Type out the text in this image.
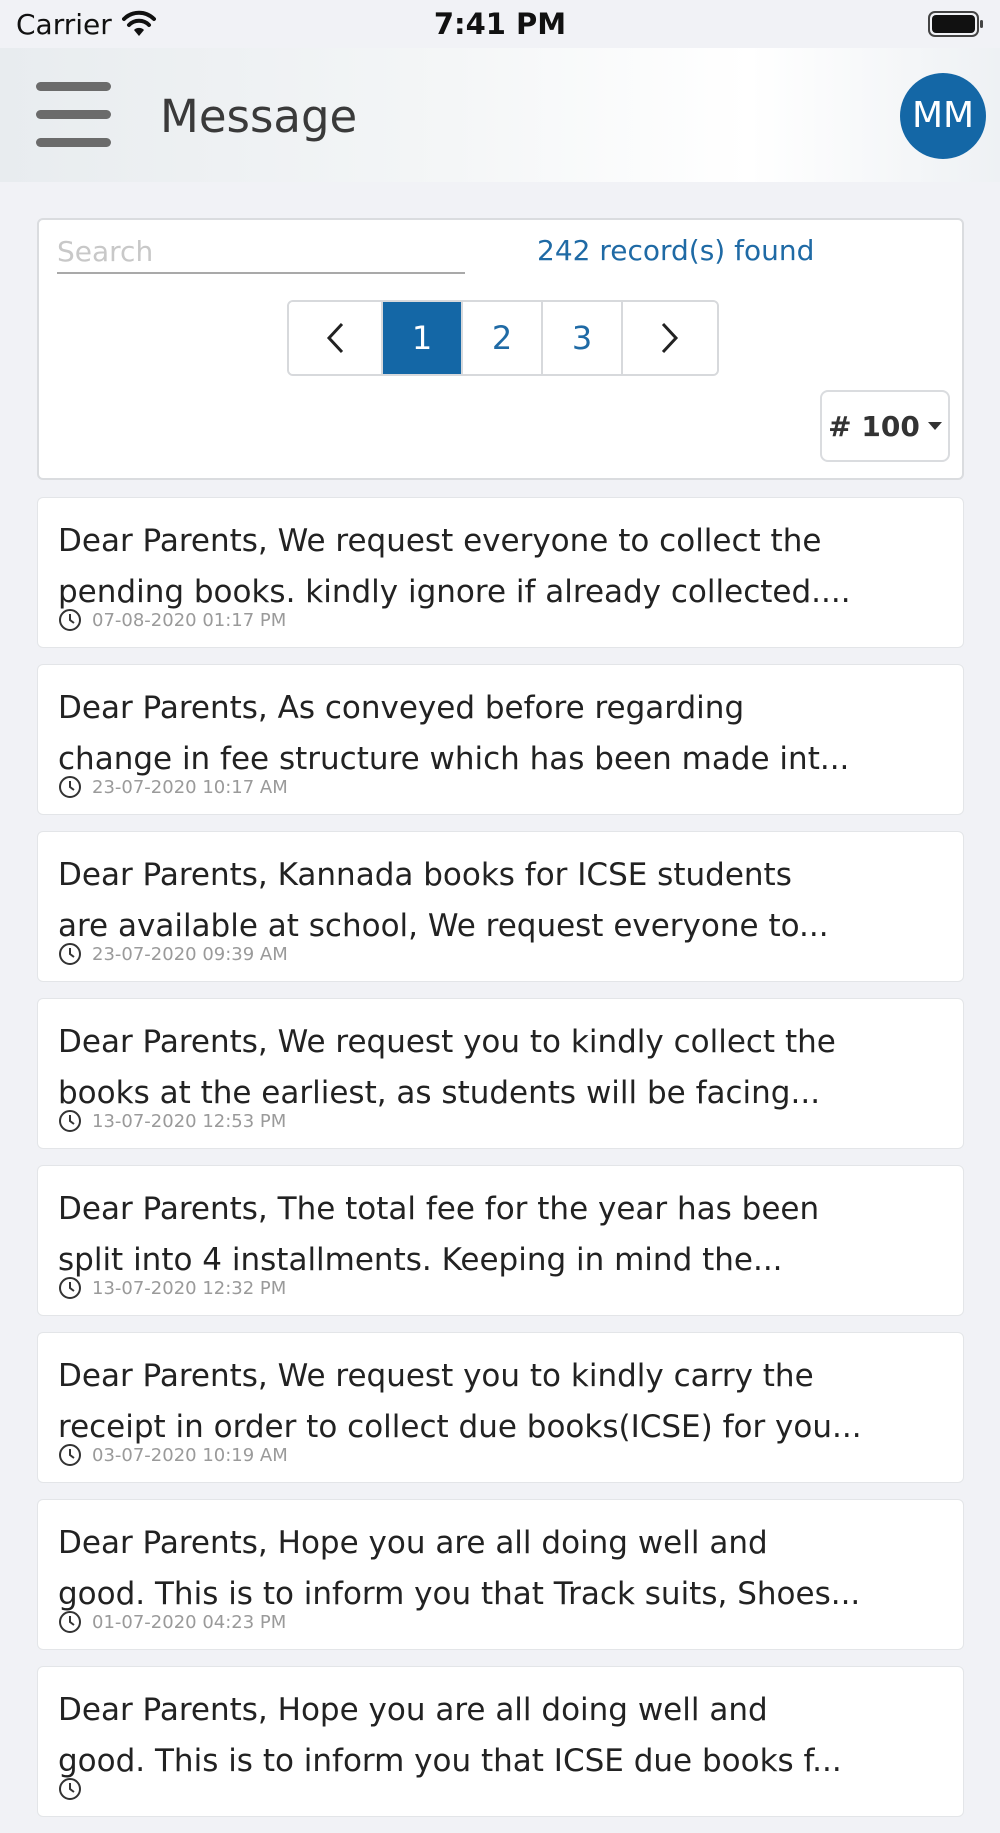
Carrier	7:41 PM
Message	MM
Search
242 record(s) found
1	2	3
# 100
Dear Parents, We request everyone to collect the
pending books. kindly ignore if already collected....
07-08-2020 01:17 PM
Dear Parents, As conveyed before regarding
change in fee structure which has been made int...
23-07-2020 10:17 AM
Dear Parents, Kannada books for ICSE students
are available at school, We request everyone to...
23-07-2020 09:39 AM
Dear Parents, We request you to kindly collect the
books at the earliest, as students will be facing...
13-07-2020 12:53 PM
Dear Parents, The total fee for the year has been
split into 4 installments. Keeping in mind the...
13-07-2020 12:32 PM
Dear Parents, We request you to kindly carry the
receipt in order to collect due books(ICSE) for you...
03-07-2020 10:19 AM
Dear Parents, Hope you are all doing well and
good. This is to inform you that Track suits, Shoes...
01-07-2020 04:23 PM
Dear Parents, Hope you are all doing well and
good. This is to inform you that ICSE due books f...
